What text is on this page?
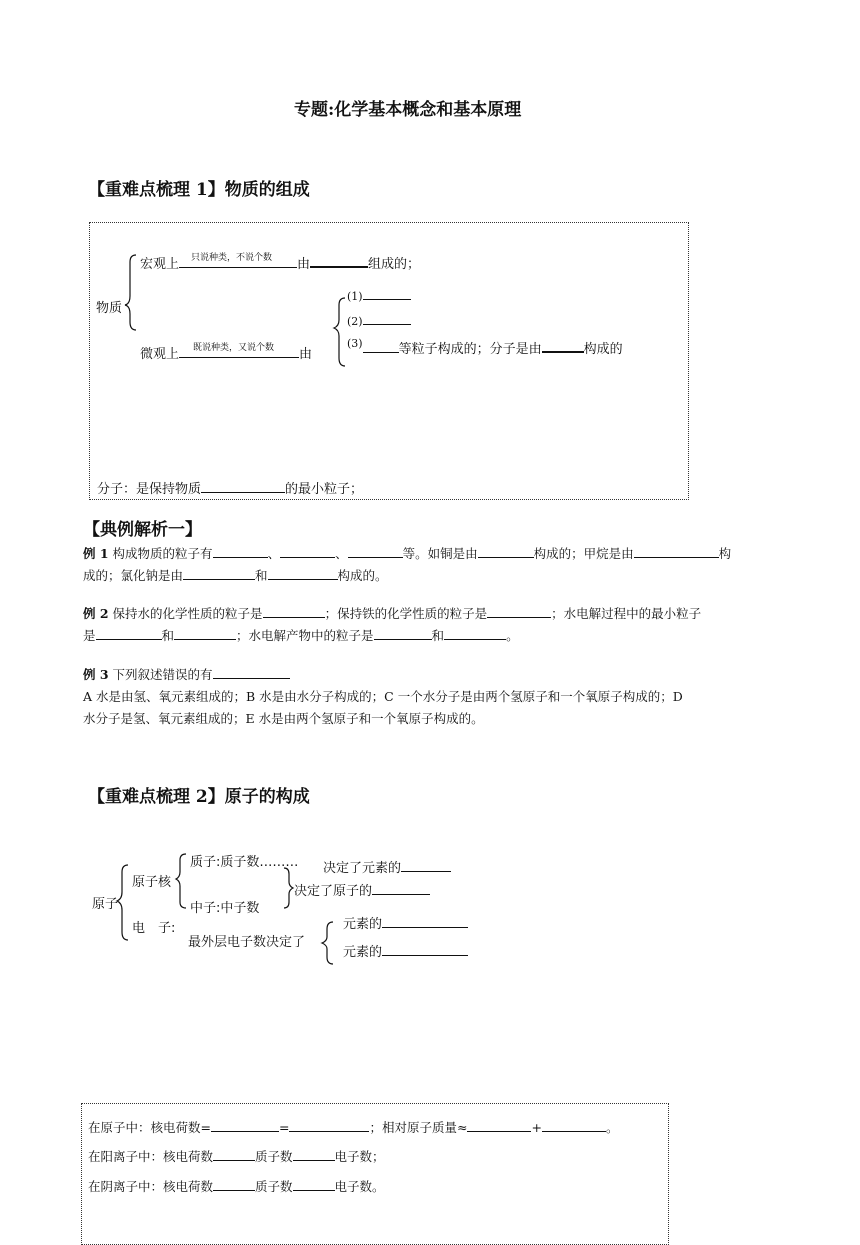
专题:化学基本概念和基本原理
【重难点梳理 1】物质的组成
宏观上 只说种类，不说个数 由	组成的；
物质
微观上 既说种类，又说个数 由
(1)
(2)
$^{(3)}$	等粒子构成的；分子是由	构成的
分子：是保持物质	的最小粒子；
【典例解析一】
例 1 构成物质的粒子有	、	、	等。如铜是由	构成的；甲烷是由	构
成的；氯化钠是由	和	构成的。
例 2 保持水的化学性质的粒子是	；保持铁的化学性质的粒子是	；水电解过程中的最小粒子
是	和	；水电解产物中的粒子是	和	。
例 3 下列叙述错误的有
A 水是由氢、氧元素组成的；B 水是由水分子构成的；C 一个水分子是由两个氢原子和一个氧原子构成的；D
水分子是氢、氧元素组成的；E 水是由两个氢原子和一个氧原子构成的。
【重难点梳理 2】原子的构成
原子
原子核
质子:质子数……… 决定了元素的
决定了原子的
中子:中子数
电　子:
最外层电子数决定了
元素的
元素的
在原子中：核电荷数=	=	；相对原子质量≈	+	。
在阳离子中：核电荷数	质子数	电子数；
在阴离子中：核电荷数	质子数	电子数。
